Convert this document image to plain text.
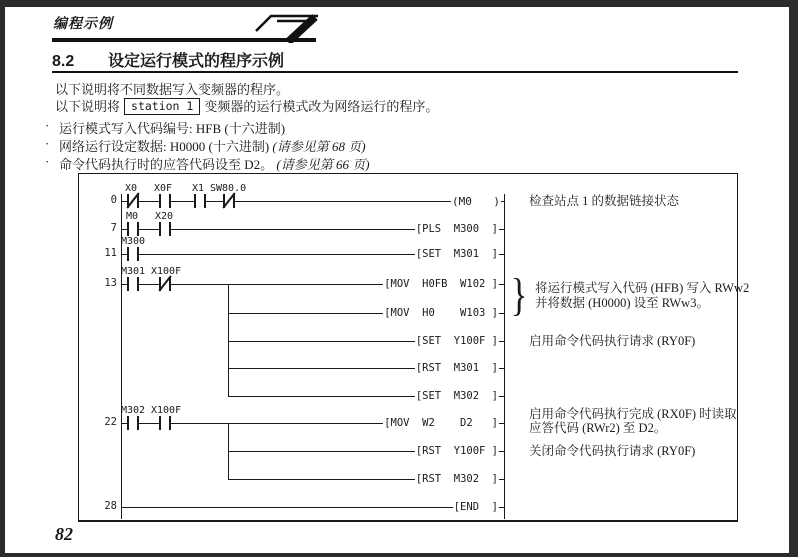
编程示例
8.2 设定运行模式的程序示例
以下说明将不同数据写入变频器的程序。
以下说明将 station 1 变频器的运行模式改为网络运行的程序。
· 运行模式写入代码编号: HFB (十六进制)
· 网络运行设定数据: H0000 (十六进制) (请参见第 68 页)
· 命令代码执行时的应答代码设至 D2。 (请参见第 66 页)
0
7
11
13
22
28
X0 X0F X1 SW80.0
M0 X20
M300
M301 X100F
M302 X100F
(M0 )
[PLS  M300  ]
[SET  M301  ]
[MOV  H0FB  W102 ]
[MOV  H0    W103 ]
[SET  Y100F ]
[RST  M301  ]
[SET  M302  ]
[MOV  W2    D2   ]
[RST  Y100F ]
[RST  M302  ]
[END  ]
检查站点 1 的数据链接状态
} 将运行模式写入代码 (HFB) 写入 RWw2
并将数据 (H0000) 设至 RWw3。
启用命令代码执行请求 (RY0F)
启用命令代码执行完成 (RX0F) 时读取
应答代码 (RWr2) 至 D2。
关闭命令代码执行请求 (RY0F)
82
